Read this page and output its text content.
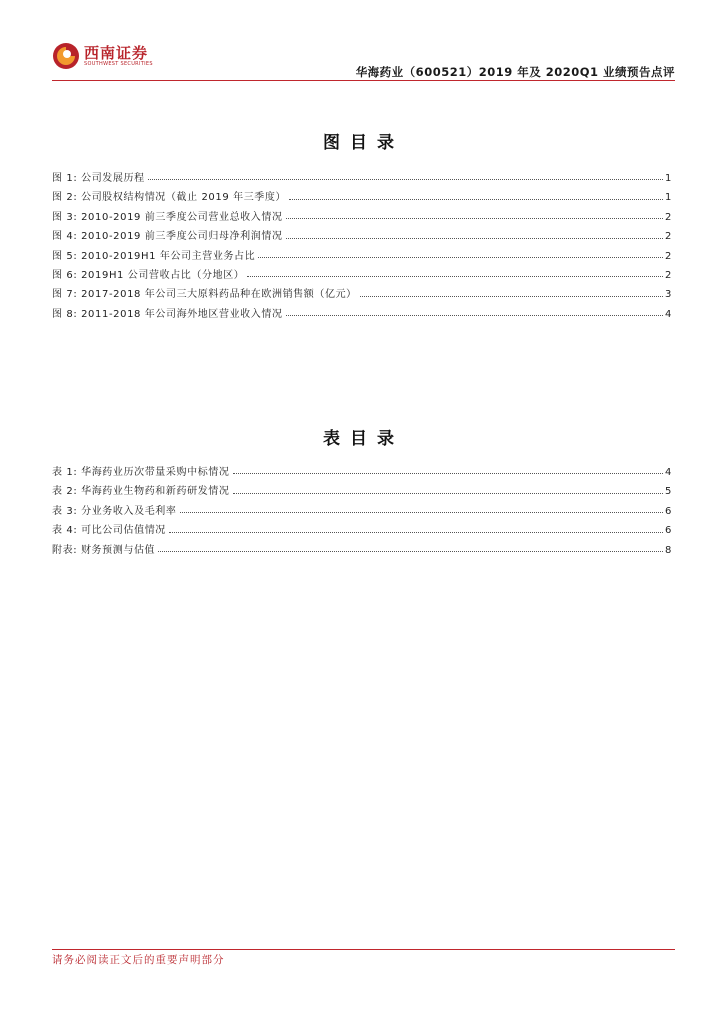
西南证券
SOUTHWEST SECURITIES
华海药业（600521）2019 年及 2020Q1 业绩预告点评
图目录
图 1: 公司发展历程	1
图 2: 公司股权结构情况（截止 2019 年三季度）	1
图 3: 2010-2019 前三季度公司营业总收入情况	2
图 4: 2010-2019 前三季度公司归母净利润情况	2
图 5: 2010-2019H1 年公司主营业务占比	2
图 6: 2019H1 公司营收占比（分地区）	2
图 7: 2017-2018 年公司三大原料药品种在欧洲销售额（亿元）	3
图 8: 2011-2018 年公司海外地区营业收入情况	4
表目录
表 1: 华海药业历次带量采购中标情况	4
表 2: 华海药业生物药和新药研发情况	5
表 3: 分业务收入及毛利率	6
表 4: 可比公司估值情况	6
附表: 财务预测与估值	8
请务必阅读正文后的重要声明部分
